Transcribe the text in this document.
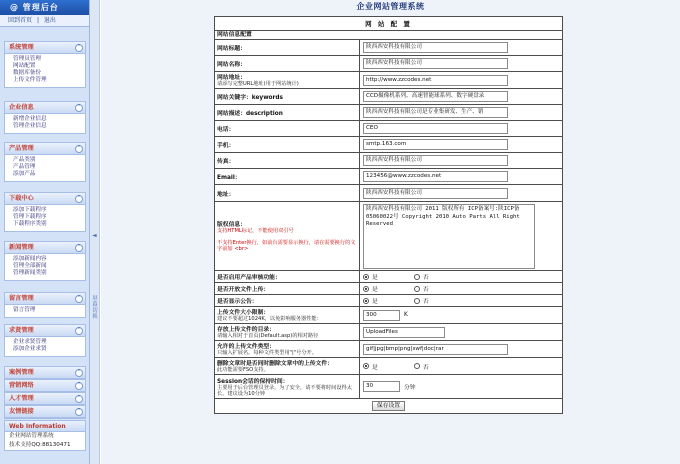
@ 管理后台
回到首页 | 退出
系统管理	˄
管理员管理
网站配置
数据库备份
上传文件管理
企业信息	˄
新增企业信息
管理企业信息
产品管理	˄
产品类别
产品管理
添加产品
下载中心	˄
添加下载程序
管理下载程序
下载程序类别
新闻管理	˄
添加新闻内容
管理全部新闻
管理新闻类别
留言管理	˄
留言管理
求贤管理	˄
企业求贤管理
添加企业求贤
案例管理	˅
营销网络	˅
人才管理	˅
友情链接	˅
Web Information
企业网站管理系统
技术支持QQ:88130471
◄
屏幕切换
企业网站管理系统
网 站 配 置
网站信息配置
网站标题：	陕西西安科技有限公司
网站名称：	陕西西安科技有限公司
网站地址：
请添写完整URL地址(用于网站统计)
http://www.zzcodes.net
网站关键字：keywords	CCD摄像机系列、高速智能球系列、数字硬盘录
网站描述：description	陕西西安科技有限公司是专业集研发、生产、销
电话：	CEO
手机：	smtp.163.com
传真：	陕西西安科技有限公司
Email：	123456@www.zzcodes.net
地址：	陕西西安科技有限公司
版权信息：
支持HTML标记，不能使用双引号
不支持Enter换行，如前台需要显示换行，请在需要换行的文字前加 <br>
陕西西安科技有限公司 2011 版权所有 ICP备案号:陕ICP备05060022号 Copyright 2010 Auto Parts All Right Reserved
是否启用产品审核功能：	是	否
是否开放文件上传：	是	否
是否显示公告：	是	否
上传文件大小限制：
建议不要超过1024K，以免影响服务器性能：
300	K
存放上传文件的目录：
请输入相对于首页(Default.asp)的相对路径
UploadFiles
允许的上传文件类型：
只输入扩展名。每种文件类型用"|"号分开。
gif|jpg|bmp|png|swf|doc|rar
删除文章时是否同时删除文章中的上传文件：
此功能需要FSO支持。	是	否
Session会话的保持时间：
主要用于后台管理员登录，为了安全，请不要将时间设得太长。建议设为10分钟
30	分钟
保存设置
